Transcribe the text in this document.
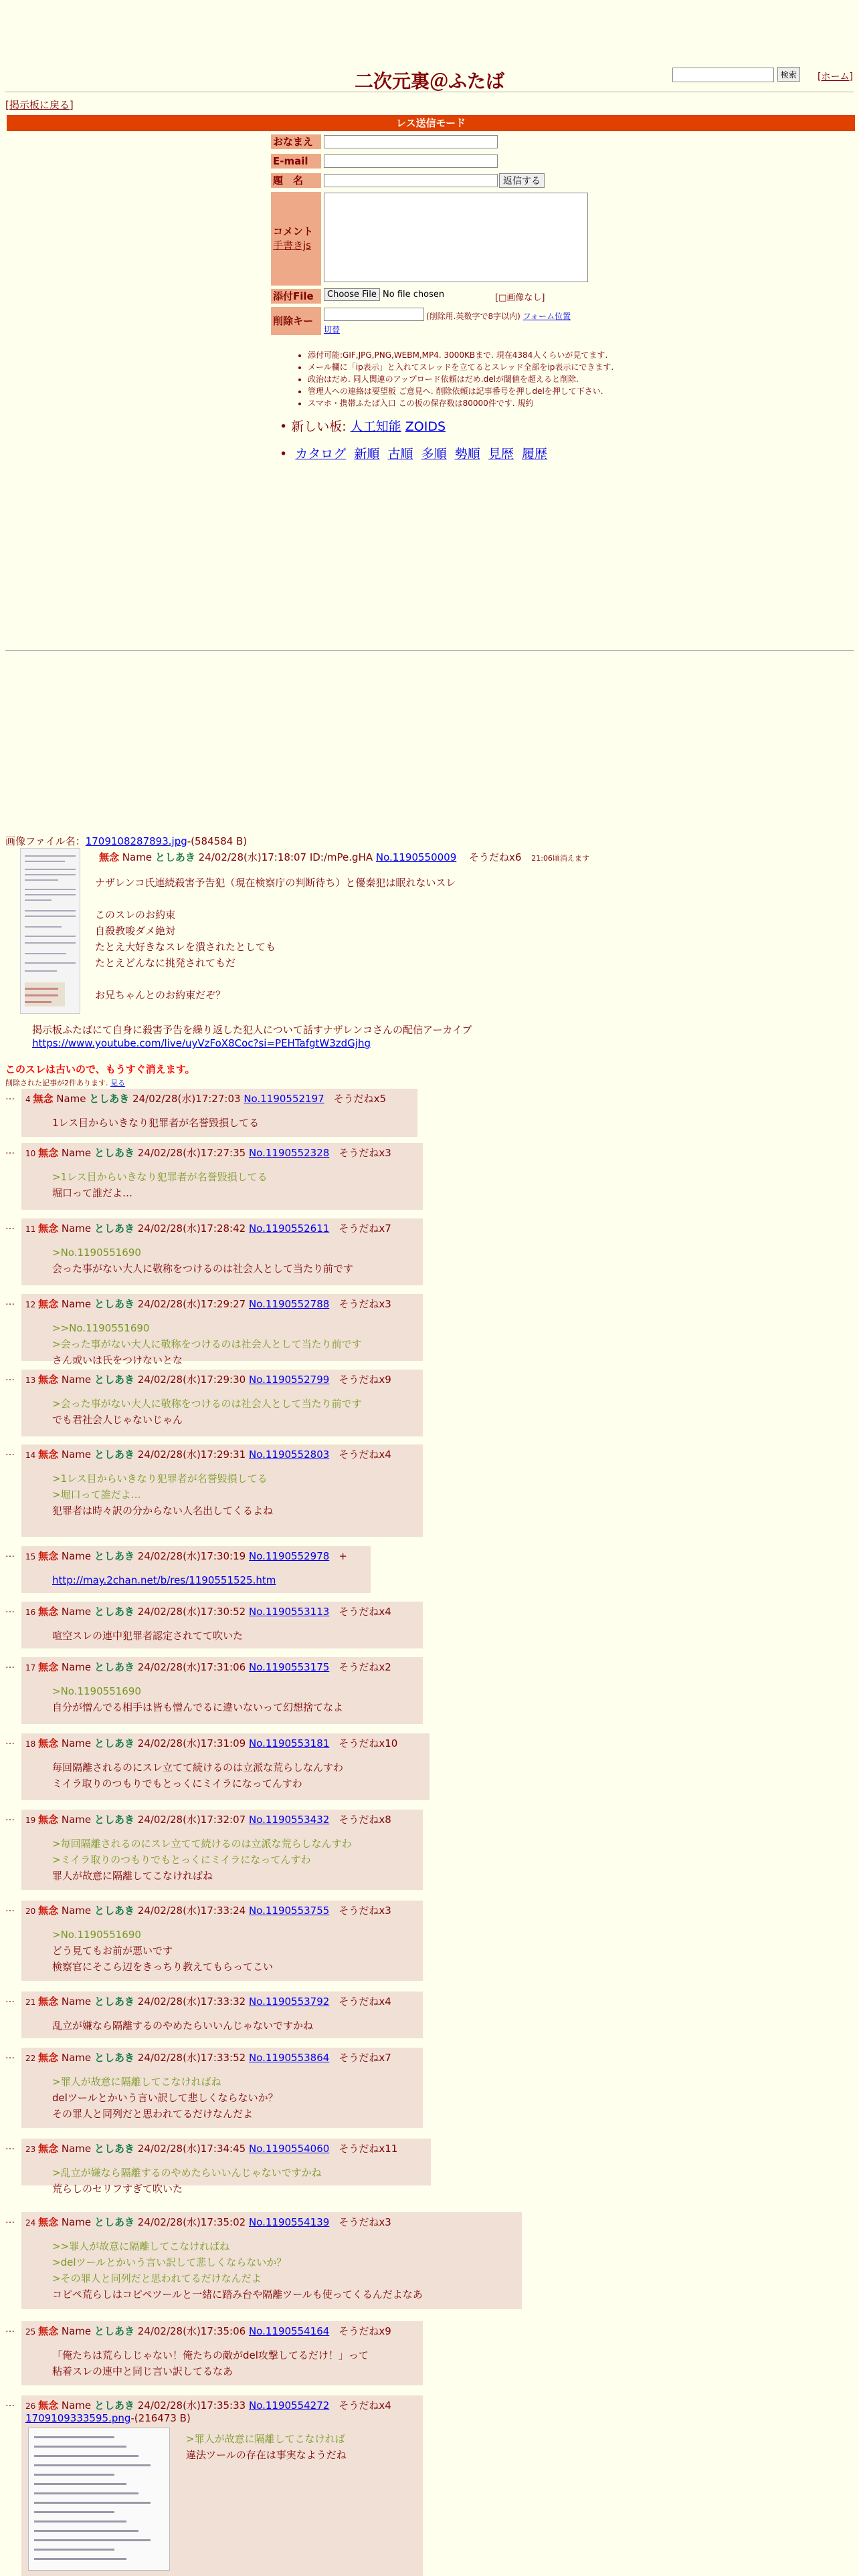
二次元裏＠ふたば	検索	[ホーム]
[掲示板に戻る]
レス送信モード
おなまえ
E-mail
題　名	返信する
コメント
手書きjs
添付File	Choose File No file chosen	[□画像なし]
削除キー	(削除用.英数字で8字以内) フォーム位置
切替
• 添付可能:GIF,JPG,PNG,WEBM,MP4. 3000KBまで. 現在4384人くらいが見てます.
• メール欄に「ip表示」と入れてスレッドを立てるとスレッド全部をip表示にできます.
• 政治はだめ. 同人関連のアップロード依頼はだめ.delが閾値を超えると削除.
• 管理人への連絡は要望板 ご意見へ. 削除依頼は記事番号を押しdelを押して下さい.
• スマホ・携帯ふたば入口 この板の保存数は80000件です. 規約
• 新しい板: 人工知能 ZOIDS
•  カタログ 新順 古順 多順 勢順 見歴 履歴
画像ファイル名：1709108287893.jpg-(584584 B)
無念 Name としあき 24/02/28(水)17:18:07 ID:/mPe.gHA No.1190550009 そうだねx6 21:06頃消えます
ナザレンコ氏連続殺害予告犯（現在検察庁の判断待ち）と優秦犯は眠れないスレ
このスレのお約束
自殺教唆ダメ絶対
たとえ大好きなスレを潰されたとしても
たとえどんなに挑発されてもだ
お兄ちゃんとのお約束だぞ？
掲示板ふたばにて自身に殺害予告を繰り返した犯人について話すナザレンコさんの配信アーカイブ
https://www.youtube.com/live/uyVzFoX8Coc?si=PEHTafgtW3zdGjhg
このスレは古いので、もうすぐ消えます。
削除された記事が2件あります. 見る
… 4 無念 Name としあき 24/02/28(水)17:27:03 No.1190552197 そうだねx5
1レス目からいきなり犯罪者が名誉毀損してる
… 10 無念 Name としあき 24/02/28(水)17:27:35 No.1190552328 そうだねx3
>1レス目からいきなり犯罪者が名誉毀損してる
堀口って誰だよ…
… 11 無念 Name としあき 24/02/28(水)17:28:42 No.1190552611 そうだねx7
>No.1190551690
会った事がない大人に敬称をつけるのは社会人として当たり前です
… 12 無念 Name としあき 24/02/28(水)17:29:27 No.1190552788 そうだねx3
>>No.1190551690
>会った事がない大人に敬称をつけるのは社会人として当たり前です
さん或いは氏をつけないとな
… 13 無念 Name としあき 24/02/28(水)17:29:30 No.1190552799 そうだねx9
>会った事がない大人に敬称をつけるのは社会人として当たり前です
でも君社会人じゃないじゃん
… 14 無念 Name としあき 24/02/28(水)17:29:31 No.1190552803 そうだねx4
>1レス目からいきなり犯罪者が名誉毀損してる
>堀口って誰だよ…
犯罪者は時々訳の分からない人名出してくるよね
… 15 無念 Name としあき 24/02/28(水)17:30:19 No.1190552978 +
http://may.2chan.net/b/res/1190551525.htm
… 16 無念 Name としあき 24/02/28(水)17:30:52 No.1190553113 そうだねx4
喧空スレの連中犯罪者認定されてて吹いた
… 17 無念 Name としあき 24/02/28(水)17:31:06 No.1190553175 そうだねx2
>No.1190551690
自分が憎んでる相手は皆も憎んでるに違いないって幻想捨てなよ
… 18 無念 Name としあき 24/02/28(水)17:31:09 No.1190553181 そうだねx10
毎回隔離されるのにスレ立てて続けるのは立派な荒らしなんすわ
ミイラ取りのつもりでもとっくにミイラになってんすわ
… 19 無念 Name としあき 24/02/28(水)17:32:07 No.1190553432 そうだねx8
>毎回隔離されるのにスレ立てて続けるのは立派な荒らしなんすわ
>ミイラ取りのつもりでもとっくにミイラになってんすわ
罪人が故意に隔離してこなければね
… 20 無念 Name としあき 24/02/28(水)17:33:24 No.1190553755 そうだねx3
>No.1190551690
どう見てもお前が悪いです
検察官にそこら辺をきっちり教えてもらってこい
… 21 無念 Name としあき 24/02/28(水)17:33:32 No.1190553792 そうだねx4
乱立が嫌なら隔離するのやめたらいいんじゃないですかね
… 22 無念 Name としあき 24/02/28(水)17:33:52 No.1190553864 そうだねx7
>罪人が故意に隔離してこなければね
delツールとかいう言い訳して悲しくならないか？
その罪人と同列だと思われてるだけなんだよ
… 23 無念 Name としあき 24/02/28(水)17:34:45 No.1190554060 そうだねx11
>乱立が嫌なら隔離するのやめたらいいんじゃないですかね
荒らしのセリフすぎて吹いた
… 24 無念 Name としあき 24/02/28(水)17:35:02 No.1190554139 そうだねx3
>>罪人が故意に隔離してこなければね
>delツールとかいう言い訳して悲しくならないか？
>その罪人と同列だと思われてるだけなんだよ
コピペ荒らしはコピペツールと一緒に踏み台や隔離ツールも使ってくるんだよなあ
… 25 無念 Name としあき 24/02/28(水)17:35:06 No.1190554164 そうだねx9
「俺たちは荒らしじゃない！俺たちの敵がdel攻撃してるだけ！」って
粘着スレの連中と同じ言い訳してるなあ
… 26 無念 Name としあき 24/02/28(水)17:35:33 No.1190554272 そうだねx4
1709109333595.png-(216473 B)
>罪人が故意に隔離してこなければ
違法ツールの存在は事実なようだね
